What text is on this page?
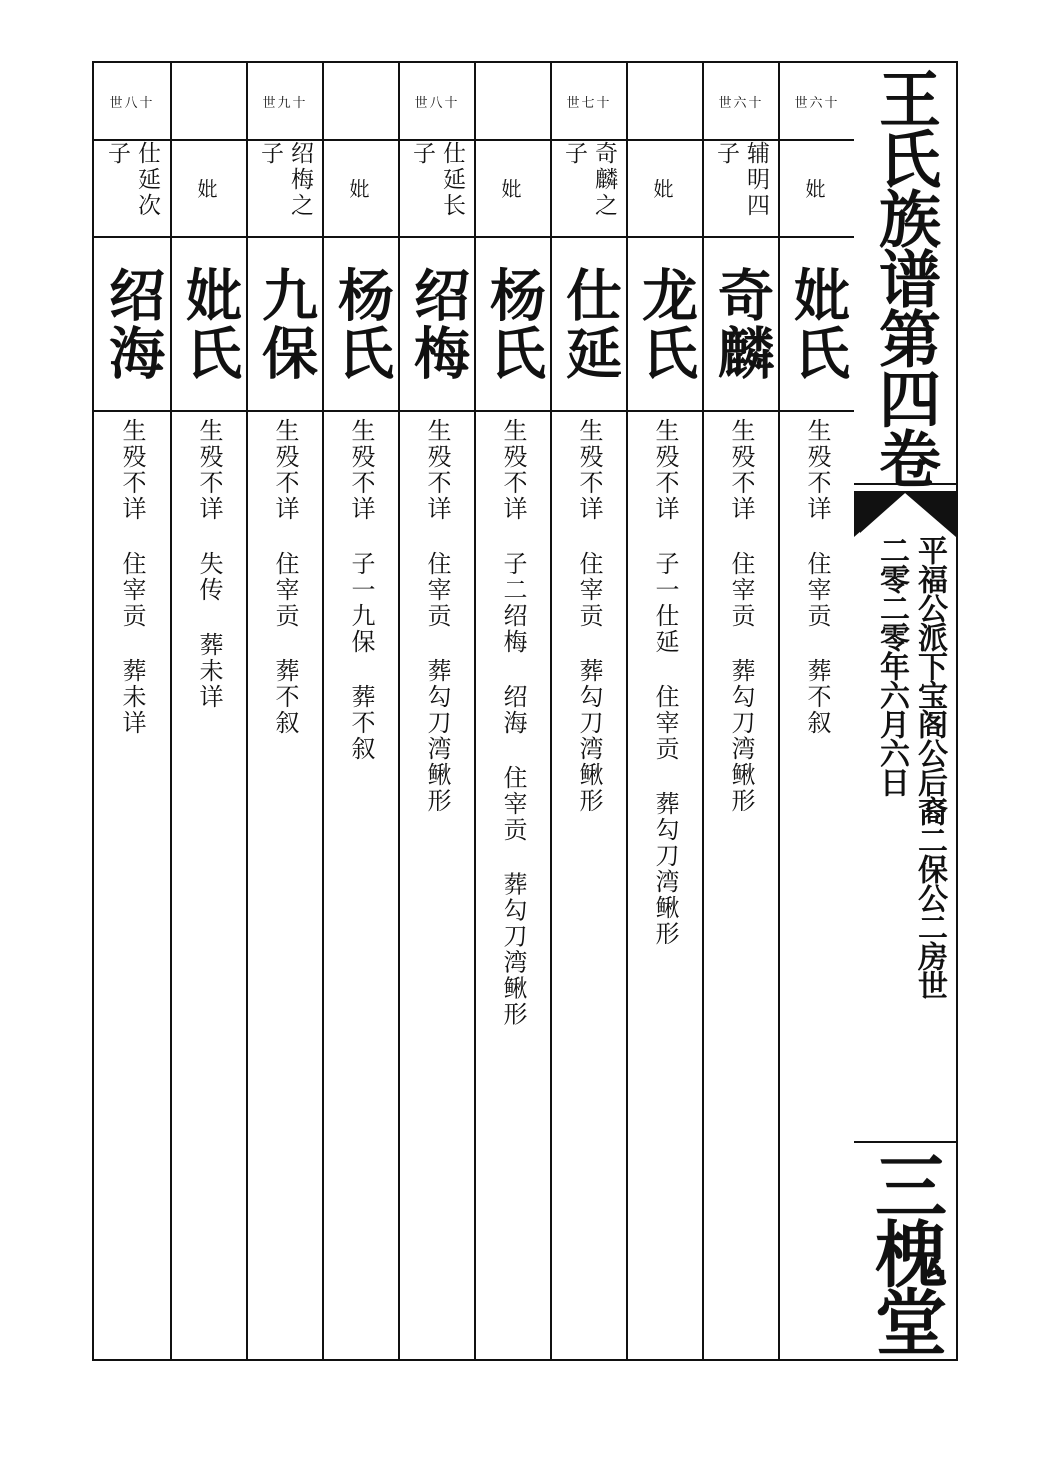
王氏族谱第四卷
平福公派下宝阁公后裔二保公二房世
二零二零年六月六日
三槐堂
世六十
妣
妣氏
生殁不详   住宰贡   葬不叙
世六十
辅明四子
奇麟
生殁不详   住宰贡   葬勾刀湾鳅形
妣
龙氏
生殁不详   子一仕延   住宰贡   葬勾刀湾鳅形
世七十
奇麟之子
仕延
生殁不详   住宰贡   葬勾刀湾鳅形
妣
杨氏
生殁不详   子二绍梅   绍海   住宰贡   葬勾刀湾鳅形
世八十
仕延长子
绍梅
生殁不详   住宰贡   葬勾刀湾鳅形
妣
杨氏
生殁不详   子一九保   葬不叙
世九十
绍梅之子
九保
生殁不详   住宰贡   葬不叙
妣
妣氏
生殁不详   失传   葬未详
世八十
仕延次子
绍海
生殁不详   住宰贡   葬未详
